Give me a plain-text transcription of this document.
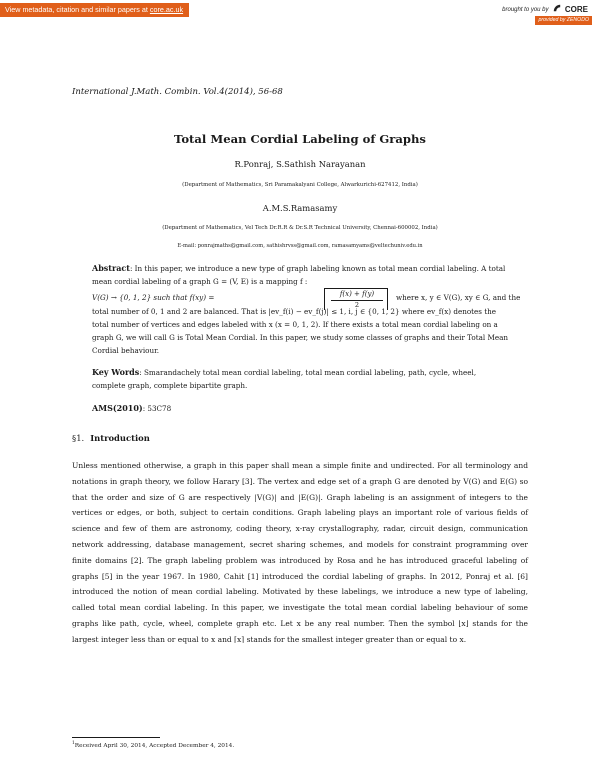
View metadata, citation and similar papers at core.ac.uk	brought to you by CORE
provided by ZENODO
International J.Math. Combin. Vol.4(2014), 56-68
Total Mean Cordial Labeling of Graphs
R.Ponraj, S.Sathish Narayanan
(Department of Mathematics, Sri Paramakalyani College, Alwarkurichi-627412, India)
A.M.S.Ramasamy
(Department of Mathematics, Vel Tech Dr.R.R & Dr.S.R Technical University, Chennai-600002, India)
E-mail: ponrajmaths@gmail.com, sathishrvss@gmail.com, ramasamyams@veltechuniv.edu.in
Abstract: In this paper, we introduce a new type of graph labeling known as total mean cordial labeling. A total mean cordial labeling of a graph G = (V, E) is a mapping f :
V(G) → {0, 1, 2} such that f(xy) =	f(x) + f(y)
2
where x, y ∈ V(G), xy ∈ G, and the
total number of 0, 1 and 2 are balanced. That is |ev_f(i) − ev_f(j)| ≤ 1, i, j ∈ {0, 1, 2} where ev_f(x) denotes the total number of vertices and edges labeled with x (x = 0, 1, 2). If there exists a total mean cordial labeling on a graph G, we will call G is Total Mean Cordial. In this paper, we study some classes of graphs and their Total Mean Cordial behaviour.
Key Words: Smarandachely total mean cordial labeling, total mean cordial labeling, path, cycle, wheel, complete graph, complete bipartite graph.
AMS(2010): 53C78
§1. Introduction
Unless mentioned otherwise, a graph in this paper shall mean a simple finite and undirected. For all terminology and notations in graph theory, we follow Harary [3]. The vertex and edge set of a graph G are denoted by V(G) and E(G) so that the order and size of G are respectively |V(G)| and |E(G)|. Graph labeling is an assignment of integers to the vertices or edges, or both, subject to certain conditions. Graph labeling plays an important role of various fields of science and few of them are astronomy, coding theory, x-ray crystallography, radar, circuit design, communication network addressing, database management, secret sharing schemes, and models for constraint programming over finite domains [2]. The graph labeling problem was introduced by Rosa and he has introduced graceful labeling of graphs [5] in the year 1967. In 1980, Cahit [1] introduced the cordial labeling of graphs. In 2012, Ponraj et al. [6] introduced the notion of mean cordial labeling. Motivated by these labelings, we introduce a new type of labeling, called total mean cordial labeling. In this paper, we investigate the total mean cordial labeling behaviour of some graphs like path, cycle, wheel, complete graph etc. Let x be any real number. Then the symbol ⌊x⌋ stands for the largest integer less than or equal to x and ⌈x⌉ stands for the smallest integer greater than or equal to x.
$^1$Received April 30, 2014, Accepted December 4, 2014.
